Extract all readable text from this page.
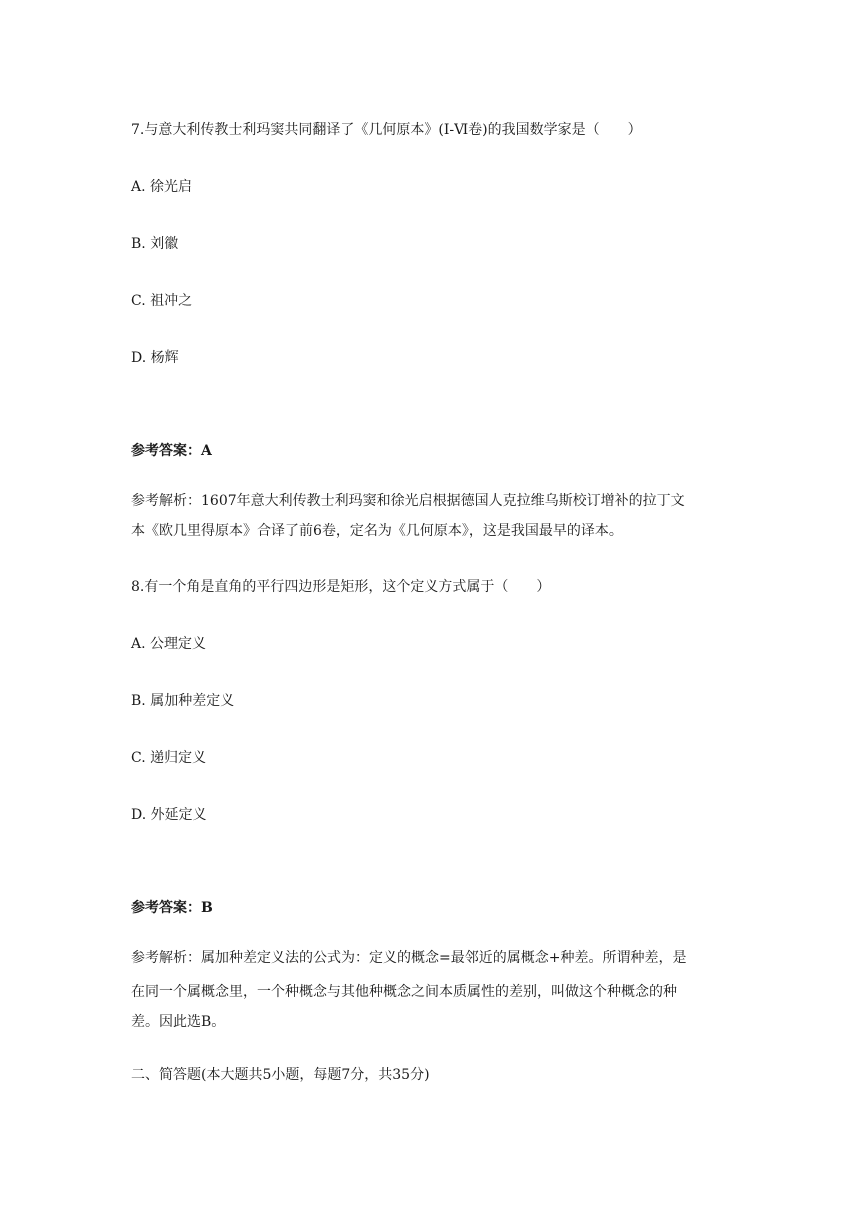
7.与意大利传教士利玛窦共同翻译了《几何原本》(I-Ⅵ卷)的我国数学家是（　　）
A. 徐光启
B. 刘徽
C. 祖冲之
D. 杨辉
参考答案：A
参考解析：1607年意大利传教士利玛窦和徐光启根据德国人克拉维乌斯校订增补的拉丁文
本《欧几里得原本》合译了前6卷，定名为《几何原本》，这是我国最早的译本。
8.有一个角是直角的平行四边形是矩形，这个定义方式属于（　　）
A. 公理定义
B. 属加种差定义
C. 递归定义
D. 外延定义
参考答案：B
参考解析：属加种差定义法的公式为：定义的概念=最邻近的属概念+种差。所谓种差，是
在同一个属概念里，一个种概念与其他种概念之间本质属性的差别，叫做这个种概念的种
差。因此选B。
二、简答题(本大题共5小题，每题7分，共35分)
